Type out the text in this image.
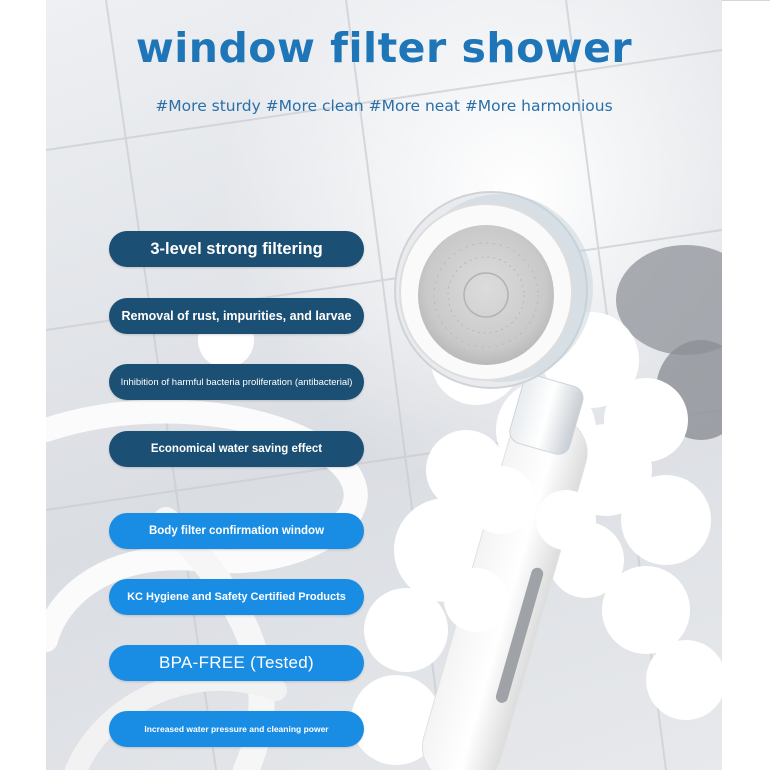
window filter shower
#More sturdy #More clean #More neat #More harmonious
3-level strong filtering
Removal of rust, impurities, and larvae
Inhibition of harmful bacteria proliferation (antibacterial)
Economical water saving effect
Body filter confirmation window
KC Hygiene and Safety Certified Products
BPA-FREE (Tested)
Increased water pressure and cleaning power
